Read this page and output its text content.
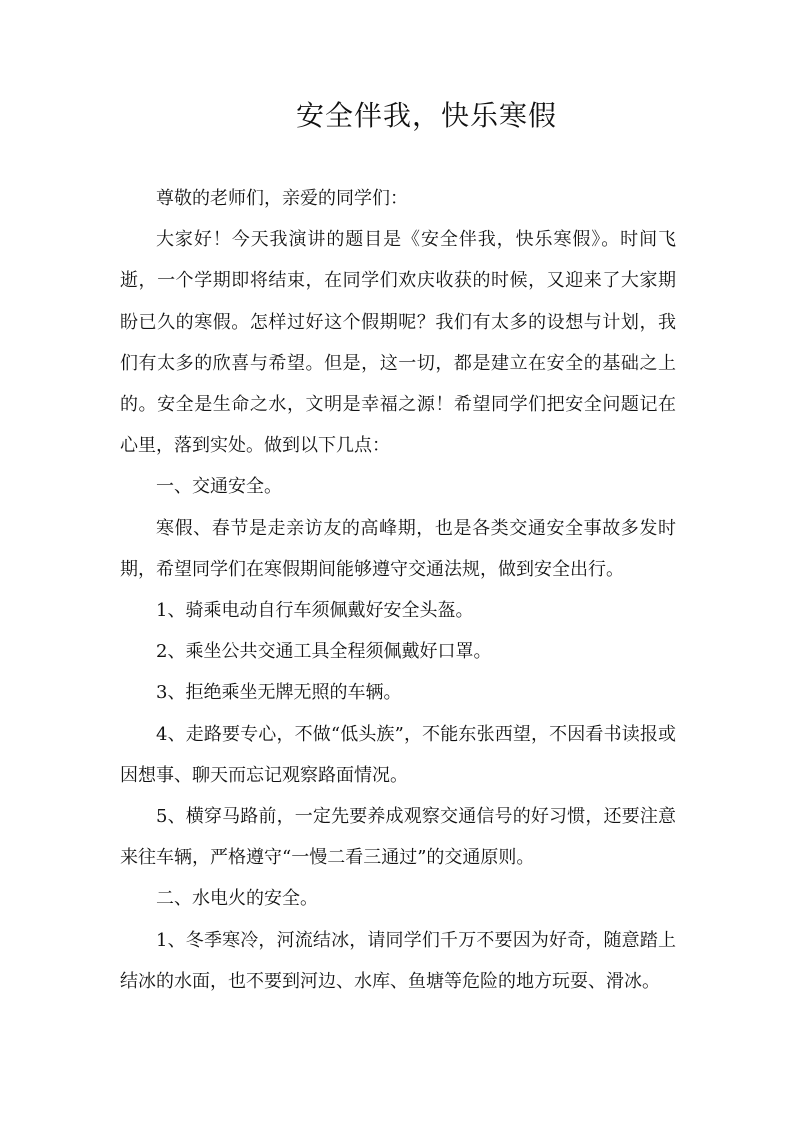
安全伴我，快乐寒假

尊敬的老师们，亲爱的同学们：

大家好！今天我演讲的题目是《安全伴我，快乐寒假》。时间飞逝，一个学期即将结束，在同学们欢庆收获的时候，又迎来了大家期盼已久的寒假。怎样过好这个假期呢？我们有太多的设想与计划，我们有太多的欣喜与希望。但是，这一切，都是建立在安全的基础之上的。安全是生命之水，文明是幸福之源！希望同学们把安全问题记在心里，落到实处。做到以下几点：

一、交通安全。

寒假、春节是走亲访友的高峰期，也是各类交通安全事故多发时期，希望同学们在寒假期间能够遵守交通法规，做到安全出行。

1、骑乘电动自行车须佩戴好安全头盔。

2、乘坐公共交通工具全程须佩戴好口罩。

3、拒绝乘坐无牌无照的车辆。

4、走路要专心，不做“低头族”，不能东张西望，不因看书读报或因想事、聊天而忘记观察路面情况。

5、横穿马路前，一定先要养成观察交通信号的好习惯，还要注意来往车辆，严格遵守“一慢二看三通过”的交通原则。

二、水电火的安全。

1、冬季寒冷，河流结冰，请同学们千万不要因为好奇，随意踏上结冰的水面，也不要到河边、水库、鱼塘等危险的地方玩耍、滑冰。
